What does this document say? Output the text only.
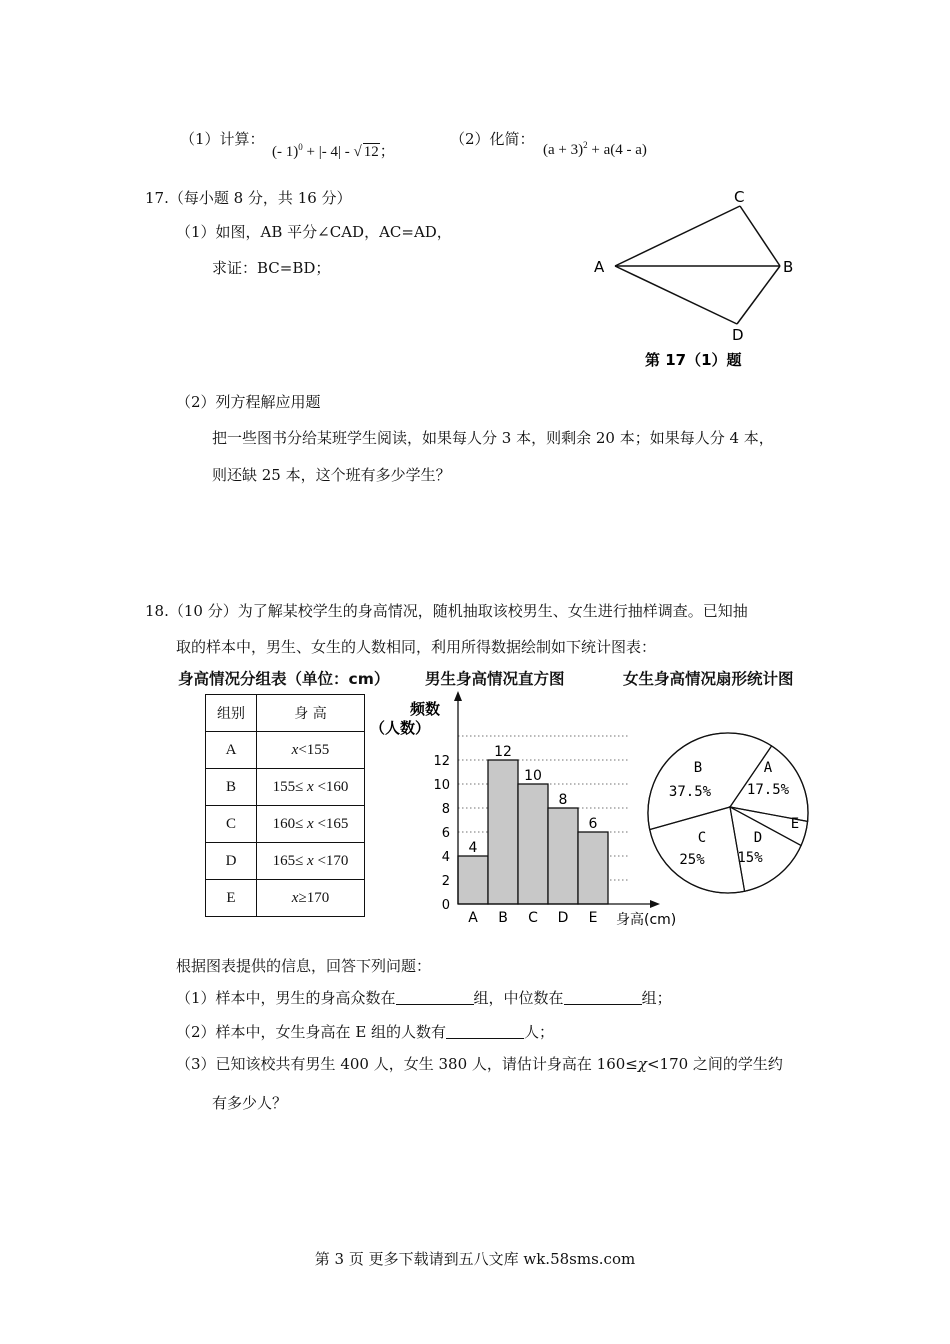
（1）计算：
(- 1)$^0$ + |- 4| - √ 12；
（2）化简：
$(a + 3)^2 + a(4 - a)$
17.（每小题 8 分，共 16 分）
（1）如图，AB 平分∠CAD，AC=AD，
求证：BC=BD；
C
A	B
D
第 17（1）题
（2）列方程解应用题
把一些图书分给某班学生阅读，如果每人分 3 本，则剩余 20 本；如果每人分 4 本，
则还缺 25 本，这个班有多少学生？
18.（10 分）为了解某校学生的身高情况，随机抽取该校男生、女生进行抽样调查。已知抽
取的样本中，男生、女生的人数相同，利用所得数据绘制如下统计图表：
身高情况分组表（单位：cm） 男生身高情况直方图	女生身高情况扇形统计图
组别	身 高
A	x<155
B	155≤ x <160
C	160≤ x <165
D	165≤ x <170
E	x≥170
4
A
12
B
10
C
8
D
6
E
0
2
4
6
8
10
12
频数
（人数）
身高(cm)
A
17.5%
E
D
15%
C
25%
B
37.5%
根据图表提供的信息，回答下列问题：
（1）样本中，男生的身高众数在	组，中位数在	组；
（2）样本中，女生身高在 E 组的人数有	人；
（3）已知该校共有男生 400 人，女生 380 人，请估计身高在 160≤χ<170 之间的学生约
有多少人？
第 3 页 更多下载请到五八文库 wk.58sms.com
